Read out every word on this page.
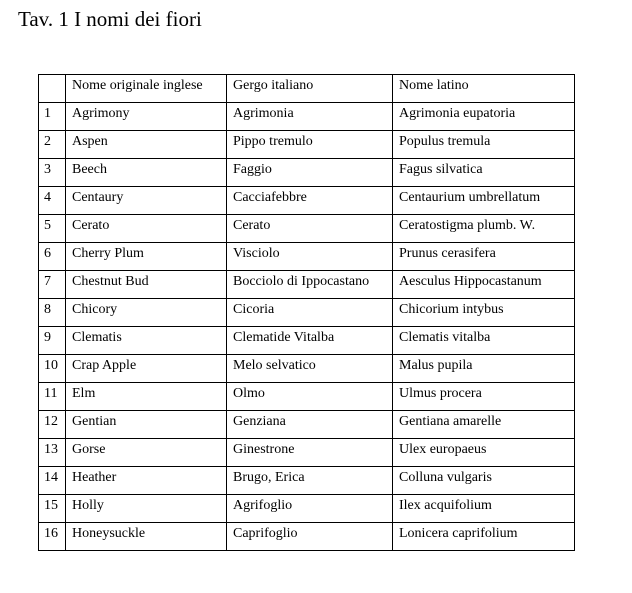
Tav. 1 I nomi dei fiori
	Nome originale inglese	Gergo italiano	Nome latino
1	Agrimony	Agrimonia	Agrimonia eupatoria
2	Aspen	Pippo tremulo	Populus tremula
3	Beech	Faggio	Fagus silvatica
4	Centaury	Cacciafebbre	Centaurium umbrellatum
5	Cerato	Cerato	Ceratostigma plumb. W.
6	Cherry Plum	Visciolo	Prunus cerasifera
7	Chestnut Bud	Bocciolo di Ippocastano	Aesculus Hippocastanum
8	Chicory	Cicoria	Chicorium intybus
9	Clematis	Clematide Vitalba	Clematis vitalba
10	Crap Apple	Melo selvatico	Malus pupila
11	Elm	Olmo	Ulmus procera
12	Gentian	Genziana	Gentiana amarelle
13	Gorse	Ginestrone	Ulex europaeus
14	Heather	Brugo, Erica	Colluna vulgaris
15	Holly	Agrifoglio	Ilex acquifolium
16	Honeysuckle	Caprifoglio	Lonicera caprifolium
